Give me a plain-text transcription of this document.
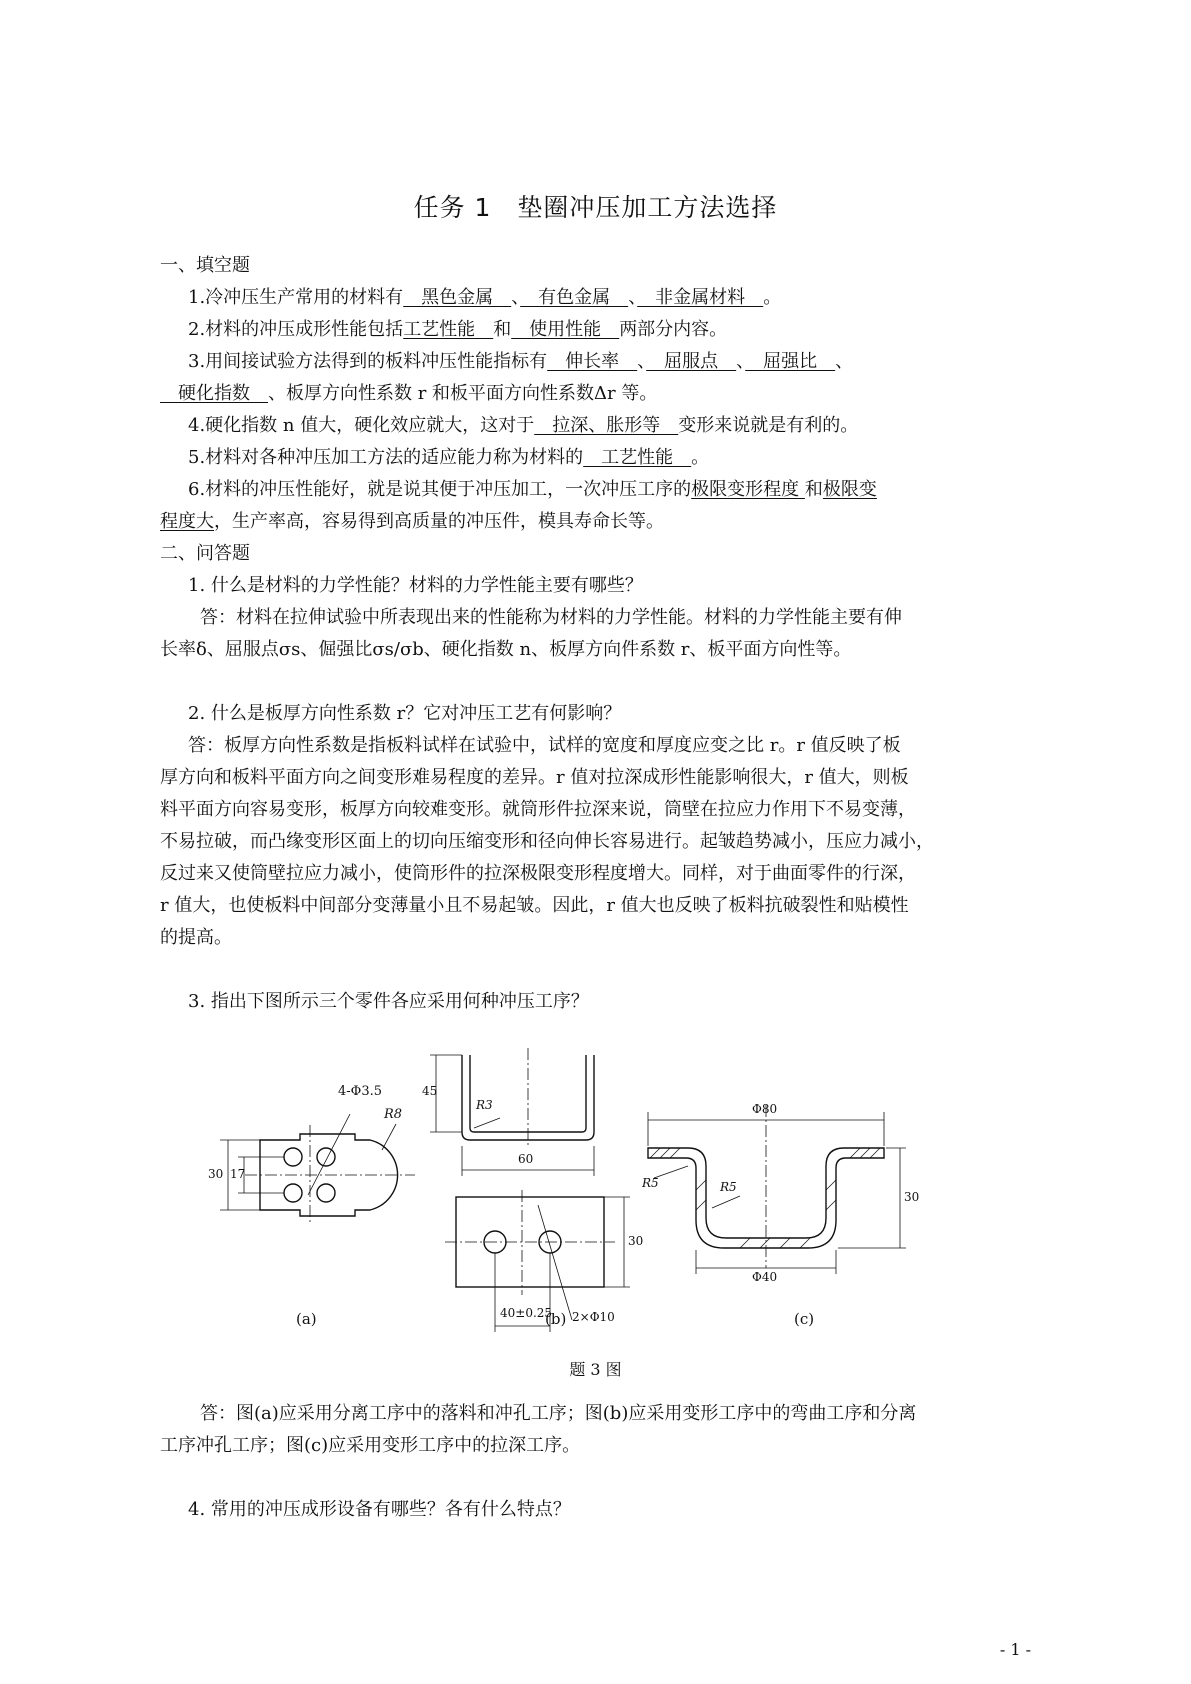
任务 1　垫圈冲压加工方法选择
一、填空题
1.冷冲压生产常用的材料有　黑色金属　、　有色金属　、　非金属材料　。
2.材料的冲压成形性能包括工艺性能　和　使用性能　两部分内容。
3.用间接试验方法得到的板料冲压性能指标有　伸长率　、　屈服点　、　屈强比　、
　硬化指数　、板厚方向性系数 r 和板平面方向性系数Δr 等。
4.硬化指数 n 值大，硬化效应就大，这对于　拉深、胀形等　变形来说就是有利的。
5.材料对各种冲压加工方法的适应能力称为材料的　工艺性能　。
6.材料的冲压性能好，就是说其便于冲压加工，一次冲压工序的极限变形程度 和极限变
程度大，生产率高，容易得到高质量的冲压件，模具寿命长等。
二、问答题
1. 什么是材料的力学性能？材料的力学性能主要有哪些？
答：材料在拉伸试验中所表现出来的性能称为材料的力学性能。材料的力学性能主要有伸
长率δ、屈服点σs、倔强比σs/σb、硬化指数 n、板厚方向件系数 r、板平面方向性等。
2. 什么是板厚方向性系数 r？它对冲压工艺有何影响？
答：板厚方向性系数是指板料试样在试验中，试样的宽度和厚度应变之比 r。r 值反映了板
厚方向和板料平面方向之间变形难易程度的差异。r 值对拉深成形性能影响很大，r 值大，则板
料平面方向容易变形，板厚方向较难变形。就筒形件拉深来说，筒壁在拉应力作用下不易变薄，
不易拉破，而凸缘变形区面上的切向压缩变形和径向伸长容易进行。起皱趋势减小，压应力减小，
反过来又使筒壁拉应力减小，使筒形件的拉深极限变形程度增大。同样，对于曲面零件的行深，
r 值大，也使板料中间部分变薄量小且不易起皱。因此，r 值大也反映了板料抗破裂性和贴模性
的提高。
3. 指出下图所示三个零件各应采用何种冲压工序？
4-Φ3.5
R8
30 17
45
R3
60
30
40±0.25 2×Φ10
Φ80
R5	R5
30
Φ40
(a)	(b)	(c)
题 3 图
答：图(a)应采用分离工序中的落料和冲孔工序；图(b)应采用变形工序中的弯曲工序和分离
工序冲孔工序；图(c)应采用变形工序中的拉深工序。
4. 常用的冲压成形设备有哪些？各有什么特点？
- 1 -
